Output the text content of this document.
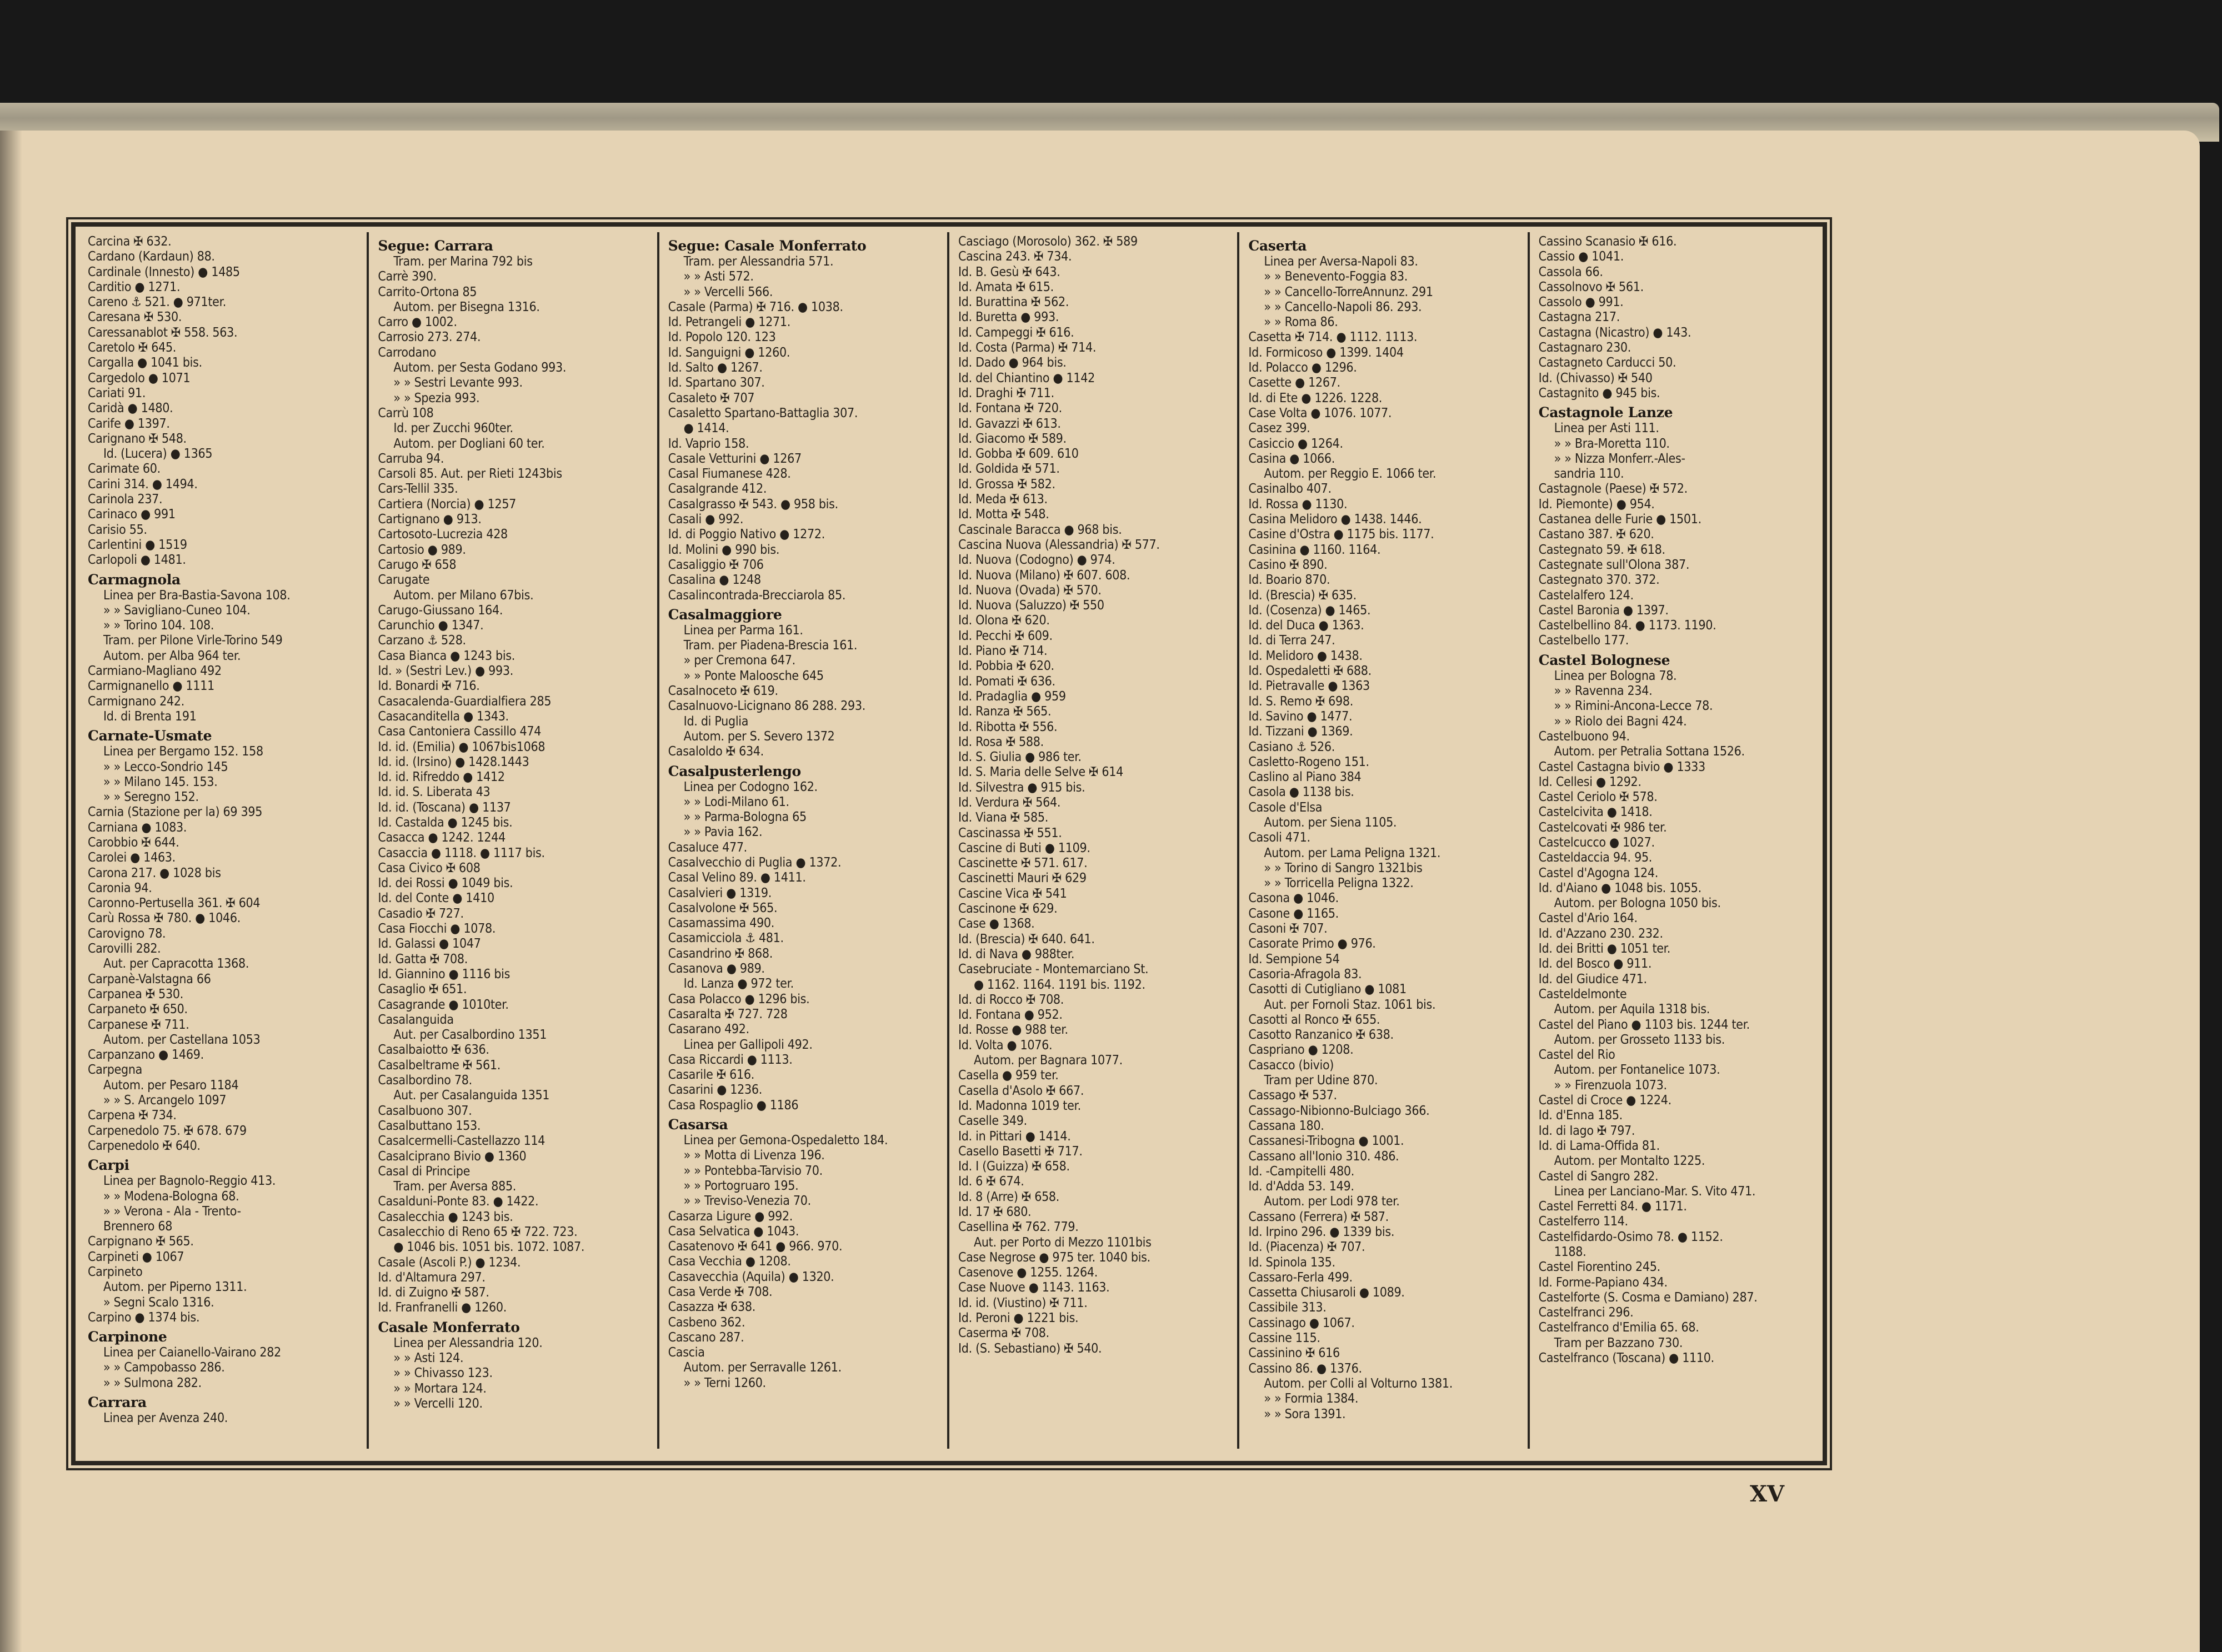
Carcina ✠ 632.
Cardano (Kardaun) 88.
Cardinale (Innesto) ● 1485
Carditio ● 1271.
Careno ⚓ 521. ● 971ter.
Caresana ✠ 530.
Caressanablot ✠ 558. 563.
Caretolo ✠ 645.
Cargalla ● 1041 bis.
Cargedolo ● 1071
Cariati 91.
Caridà ● 1480.
Carife ● 1397.
Carignano ✠ 548.
Id. (Lucera) ● 1365
Carimate 60.
Carini 314. ● 1494.
Carinola 237.
Carinaco ● 991
Carisio 55.
Carlentini ● 1519
Carlopoli ● 1481.
Carmagnola
Linea per Bra-Bastia-Savona 108.
» » Savigliano-Cuneo 104.
» » Torino 104. 108.
Tram. per Pilone Virle-Torino 549
Autom. per Alba 964 ter.
Carmiano-Magliano 492
Carmignanello ● 1111
Carmignano 242.
Id. di Brenta 191
Carnate-Usmate
Linea per Bergamo 152. 158
» » Lecco-Sondrio 145
» » Milano 145. 153.
» » Seregno 152.
Carnia (Stazione per la) 69 395
Carniana ● 1083.
Carobbio ✠ 644.
Carolei ● 1463.
Carona 217. ● 1028 bis
Caronia 94.
Caronno-Pertusella 361. ✠ 604
Carù Rossa ✠ 780. ● 1046.
Carovigno 78.
Carovilli 282.
Aut. per Capracotta 1368.
Carpanè-Valstagna 66
Carpanea ✠ 530.
Carpaneto ✠ 650.
Carpanese ✠ 711.
Autom. per Castellana 1053
Carpanzano ● 1469.
Carpegna
Autom. per Pesaro 1184
» » S. Arcangelo 1097
Carpena ✠ 734.
Carpenedolo 75. ✠ 678. 679
Carpenedolo ✠ 640.
Carpi
Linea per Bagnolo-Reggio 413.
» » Modena-Bologna 68.
» » Verona - Ala - Trento-
Brennero 68
Carpignano ✠ 565.
Carpineti ● 1067
Carpineto
Autom. per Piperno 1311.
» Segni Scalo 1316.
Carpino ● 1374 bis.
Carpinone
Linea per Caianello-Vairano 282
» » Campobasso 286.
» » Sulmona 282.
Carrara
Linea per Avenza 240.
Segue: Carrara
Tram. per Marina 792 bis
Carrè 390.
Carrito-Ortona 85
Autom. per Bisegna 1316.
Carro ● 1002.
Carrosio 273. 274.
Carrodano
Autom. per Sesta Godano 993.
» » Sestri Levante 993.
» » Spezia 993.
Carrù 108
Id. per Zucchi 960ter.
Autom. per Dogliani 60 ter.
Carruba 94.
Carsoli 85. Aut. per Rieti 1243bis
Cars-Tellil 335.
Cartiera (Norcia) ● 1257
Cartignano ● 913.
Cartosoto-Lucrezia 428
Cartosio ● 989.
Carugo ✠ 658
Carugate
Autom. per Milano 67bis.
Carugo-Giussano 164.
Carunchio ● 1347.
Carzano ⚓ 528.
Casa Bianca ● 1243 bis.
Id. » (Sestri Lev.) ● 993.
Id. Bonardi ✠ 716.
Casacalenda-Guardialfiera 285
Casacanditella ● 1343.
Casa Cantoniera Cassillo 474
Id. id. (Emilia) ● 1067bis1068
Id. id. (Irsino) ● 1428.1443
Id. id. Rifreddo ● 1412
Id. id. S. Liberata 43
Id. id. (Toscana) ● 1137
Id. Castalda ● 1245 bis.
Casacca ● 1242. 1244
Casaccia ● 1118. ● 1117 bis.
Casa Civico ✠ 608
Id. dei Rossi ● 1049 bis.
Id. del Conte ● 1410
Casadio ✠ 727.
Casa Fiocchi ● 1078.
Id. Galassi ● 1047
Id. Gatta ✠ 708.
Id. Giannino ● 1116 bis
Casaglio ✠ 651.
Casagrande ● 1010ter.
Casalanguida
Aut. per Casalbordino 1351
Casalbaiotto ✠ 636.
Casalbeltrame ✠ 561.
Casalbordino 78.
Aut. per Casalanguida 1351
Casalbuono 307.
Casalbuttano 153.
Casalcermelli-Castellazzo 114
Casalciprano Bivio ● 1360
Casal di Principe
Tram. per Aversa 885.
Casalduni-Ponte 83. ● 1422.
Casalecchia ● 1243 bis.
Casalecchio di Reno 65 ✠ 722. 723.
● 1046 bis. 1051 bis. 1072. 1087.
Casale (Ascoli P.) ● 1234.
Id. d'Altamura 297.
Id. di Zuigno ✠ 587.
Id. Franfranelli ● 1260.
Casale Monferrato
Linea per Alessandria 120.
» » Asti 124.
» » Chivasso 123.
» » Mortara 124.
» » Vercelli 120.
Segue: Casale Monferrato
Tram. per Alessandria 571.
» » Asti 572.
» » Vercelli 566.
Casale (Parma) ✠ 716. ● 1038.
Id. Petrangeli ● 1271.
Id. Popolo 120. 123
Id. Sanguigni ● 1260.
Id. Salto ● 1267.
Id. Spartano 307.
Casaleto ✠ 707
Casaletto Spartano-Battaglia 307.
● 1414.
Id. Vaprio 158.
Casale Vetturini ● 1267
Casal Fiumanese 428.
Casalgrande 412.
Casalgrasso ✠ 543. ● 958 bis.
Casali ● 992.
Id. di Poggio Nativo ● 1272.
Id. Molini ● 990 bis.
Casaliggio ✠ 706
Casalina ● 1248
Casalincontrada-Brecciarola 85.
Casalmaggiore
Linea per Parma 161.
Tram. per Piadena-Brescia 161.
» per Cremona 647.
» » Ponte Maloosche 645
Casalnoceto ✠ 619.
Casalnuovo-Licignano 86 288. 293.
Id. di Puglia
Autom. per S. Severo 1372
Casaloldo ✠ 634.
Casalpusterlengo
Linea per Codogno 162.
» » Lodi-Milano 61.
» » Parma-Bologna 65
» » Pavia 162.
Casaluce 477.
Casalvecchio di Puglia ● 1372.
Casal Velino 89. ● 1411.
Casalvieri ● 1319.
Casalvolone ✠ 565.
Casamassima 490.
Casamicciola ⚓ 481.
Casandrino ✠ 868.
Casanova ● 989.
Id. Lanza ● 972 ter.
Casa Polacco ● 1296 bis.
Casaralta ✠ 727. 728
Casarano 492.
Linea per Gallipoli 492.
Casa Riccardi ● 1113.
Casarile ✠ 616.
Casarini ● 1236.
Casa Rospaglio ● 1186
Casarsa
Linea per Gemona-Ospedaletto 184.
» » Motta di Livenza 196.
» » Pontebba-Tarvisio 70.
» » Portogruaro 195.
» » Treviso-Venezia 70.
Casarza Ligure ● 992.
Casa Selvatica ● 1043.
Casatenovo ✠ 641 ● 966. 970.
Casa Vecchia ● 1208.
Casavecchia (Aquila) ● 1320.
Casa Verde ✠ 708.
Casazza ✠ 638.
Casbeno 362.
Cascano 287.
Cascia
Autom. per Serravalle 1261.
» » Terni 1260.
Casciago (Morosolo) 362. ✠ 589
Cascina 243. ✠ 734.
Id. B. Gesù ✠ 643.
Id. Amata ✠ 615.
Id. Burattina ✠ 562.
Id. Buretta ● 993.
Id. Campeggi ✠ 616.
Id. Costa (Parma) ✠ 714.
Id. Dado ● 964 bis.
Id. del Chiantino ● 1142
Id. Draghi ✠ 711.
Id. Fontana ✠ 720.
Id. Gavazzi ✠ 613.
Id. Giacomo ✠ 589.
Id. Gobba ✠ 609. 610
Id. Goldida ✠ 571.
Id. Grossa ✠ 582.
Id. Meda ✠ 613.
Id. Motta ✠ 548.
Cascinale Baracca ● 968 bis.
Cascina Nuova (Alessandria) ✠ 577.
Id. Nuova (Codogno) ● 974.
Id. Nuova (Milano) ✠ 607. 608.
Id. Nuova (Ovada) ✠ 570.
Id. Nuova (Saluzzo) ✠ 550
Id. Olona ✠ 620.
Id. Pecchi ✠ 609.
Id. Piano ✠ 714.
Id. Pobbia ✠ 620.
Id. Pomati ✠ 636.
Id. Pradaglia ● 959
Id. Ranza ✠ 565.
Id. Ribotta ✠ 556.
Id. Rosa ✠ 588.
Id. S. Giulia ● 986 ter.
Id. S. Maria delle Selve ✠ 614
Id. Silvestra ● 915 bis.
Id. Verdura ✠ 564.
Id. Viana ✠ 585.
Cascinassa ✠ 551.
Cascine di Buti ● 1109.
Cascinette ✠ 571. 617.
Cascinetti Mauri ✠ 629
Cascine Vica ✠ 541
Cascinone ✠ 629.
Case ● 1368.
Id. (Brescia) ✠ 640. 641.
Id. di Nava ● 988ter.
Casebruciate - Montemarciano St.
● 1162. 1164. 1191 bis. 1192.
Id. di Rocco ✠ 708.
Id. Fontana ● 952.
Id. Rosse ● 988 ter.
Id. Volta ● 1076.
Autom. per Bagnara 1077.
Casella ● 959 ter.
Casella d'Asolo ✠ 667.
Id. Madonna 1019 ter.
Caselle 349.
Id. in Pittari ● 1414.
Casello Basetti ✠ 717.
Id. I (Guizza) ✠ 658.
Id. 6 ✠ 674.
Id. 8 (Arre) ✠ 658.
Id. 17 ✠ 680.
Casellina ✠ 762. 779.
Aut. per Porto di Mezzo 1101bis
Case Negrose ● 975 ter. 1040 bis.
Casenove ● 1255. 1264.
Case Nuove ● 1143. 1163.
Id. id. (Viustino) ✠ 711.
Id. Peroni ● 1221 bis.
Caserma ✠ 708.
Id. (S. Sebastiano) ✠ 540.
Caserta
Linea per Aversa-Napoli 83.
» » Benevento-Foggia 83.
» » Cancello-TorreAnnunz. 291
» » Cancello-Napoli 86. 293.
» » Roma 86.
Casetta ✠ 714. ● 1112. 1113.
Id. Formicoso ● 1399. 1404
Id. Polacco ● 1296.
Casette ● 1267.
Id. di Ete ● 1226. 1228.
Case Volta ● 1076. 1077.
Casez 399.
Casiccio ● 1264.
Casina ● 1066.
Autom. per Reggio E. 1066 ter.
Casinalbo 407.
Id. Rossa ● 1130.
Casina Melidoro ● 1438. 1446.
Casine d'Ostra ● 1175 bis. 1177.
Casinina ● 1160. 1164.
Casino ✠ 890.
Id. Boario 870.
Id. (Brescia) ✠ 635.
Id. (Cosenza) ● 1465.
Id. del Duca ● 1363.
Id. di Terra 247.
Id. Melidoro ● 1438.
Id. Ospedaletti ✠ 688.
Id. Pietravalle ● 1363
Id. S. Remo ✠ 698.
Id. Savino ● 1477.
Id. Tizzani ● 1369.
Casiano ⚓ 526.
Casletto-Rogeno 151.
Caslino al Piano 384
Casola ● 1138 bis.
Casole d'Elsa
Autom. per Siena 1105.
Casoli 471.
Autom. per Lama Peligna 1321.
» » Torino di Sangro 1321bis
» » Torricella Peligna 1322.
Casona ● 1046.
Casone ● 1165.
Casoni ✠ 707.
Casorate Primo ● 976.
Id. Sempione 54
Casoria-Afragola 83.
Casotti di Cutigliano ● 1081
Aut. per Fornoli Staz. 1061 bis.
Casotti al Ronco ✠ 655.
Casotto Ranzanico ✠ 638.
Caspriano ● 1208.
Casacco (bivio)
Tram per Udine 870.
Cassago ✠ 537.
Cassago-Nibionno-Bulciago 366.
Cassana 180.
Cassanesi-Tribogna ● 1001.
Cassano all'Ionio 310. 486.
Id. -Campitelli 480.
Id. d'Adda 53. 149.
Autom. per Lodi 978 ter.
Cassano (Ferrera) ✠ 587.
Id. Irpino 296. ● 1339 bis.
Id. (Piacenza) ✠ 707.
Id. Spinola 135.
Cassaro-Ferla 499.
Cassetta Chiusaroli ● 1089.
Cassibile 313.
Cassinago ● 1067.
Cassine 115.
Cassinino ✠ 616
Cassino 86. ● 1376.
Autom. per Colli al Volturno 1381.
» » Formia 1384.
» » Sora 1391.
Cassino Scanasio ✠ 616.
Cassio ● 1041.
Cassola 66.
Cassolnovo ✠ 561.
Cassolo ● 991.
Castagna 217.
Castagna (Nicastro) ● 143.
Castagnaro 230.
Castagneto Carducci 50.
Id. (Chivasso) ✠ 540
Castagnito ● 945 bis.
Castagnole Lanze
Linea per Asti 111.
» » Bra-Moretta 110.
» » Nizza Monferr.-Ales-
sandria 110.
Castagnole (Paese) ✠ 572.
Id. Piemonte) ● 954.
Castanea delle Furie ● 1501.
Castano 387. ✠ 620.
Castegnato 59. ✠ 618.
Castegnate sull'Olona 387.
Castegnato 370. 372.
Castelalfero 124.
Castel Baronia ● 1397.
Castelbellino 84. ● 1173. 1190.
Castelbello 177.
Castel Bolognese
Linea per Bologna 78.
» » Ravenna 234.
» » Rimini-Ancona-Lecce 78.
» » Riolo dei Bagni 424.
Castelbuono 94.
Autom. per Petralia Sottana 1526.
Castel Castagna bivio ● 1333
Id. Cellesi ● 1292.
Castel Ceriolo ✠ 578.
Castelcivita ● 1418.
Castelcovati ✠ 986 ter.
Castelcucco ● 1027.
Casteldaccia 94. 95.
Castel d'Agogna 124.
Id. d'Aiano ● 1048 bis. 1055.
Autom. per Bologna 1050 bis.
Castel d'Ario 164.
Id. d'Azzano 230. 232.
Id. dei Britti ● 1051 ter.
Id. del Bosco ● 911.
Id. del Giudice 471.
Casteldelmonte
Autom. per Aquila 1318 bis.
Castel del Piano ● 1103 bis. 1244 ter.
Autom. per Grosseto 1133 bis.
Castel del Rio
Autom. per Fontanelice 1073.
» » Firenzuola 1073.
Castel di Croce ● 1224.
Id. d'Enna 185.
Id. di Iago ✠ 797.
Id. di Lama-Offida 81.
Autom. per Montalto 1225.
Castel di Sangro 282.
Linea per Lanciano-Mar. S. Vito 471.
Castel Ferretti 84. ● 1171.
Castelferro 114.
Castelfidardo-Osimo 78. ● 1152.
1188.
Castel Fiorentino 245.
Id. Forme-Papiano 434.
Castelforte (S. Cosma e Damiano) 287.
Castelfranci 296.
Castelfranco d'Emilia 65. 68.
Tram per Bazzano 730.
Castelfranco (Toscana) ● 1110.
XV
